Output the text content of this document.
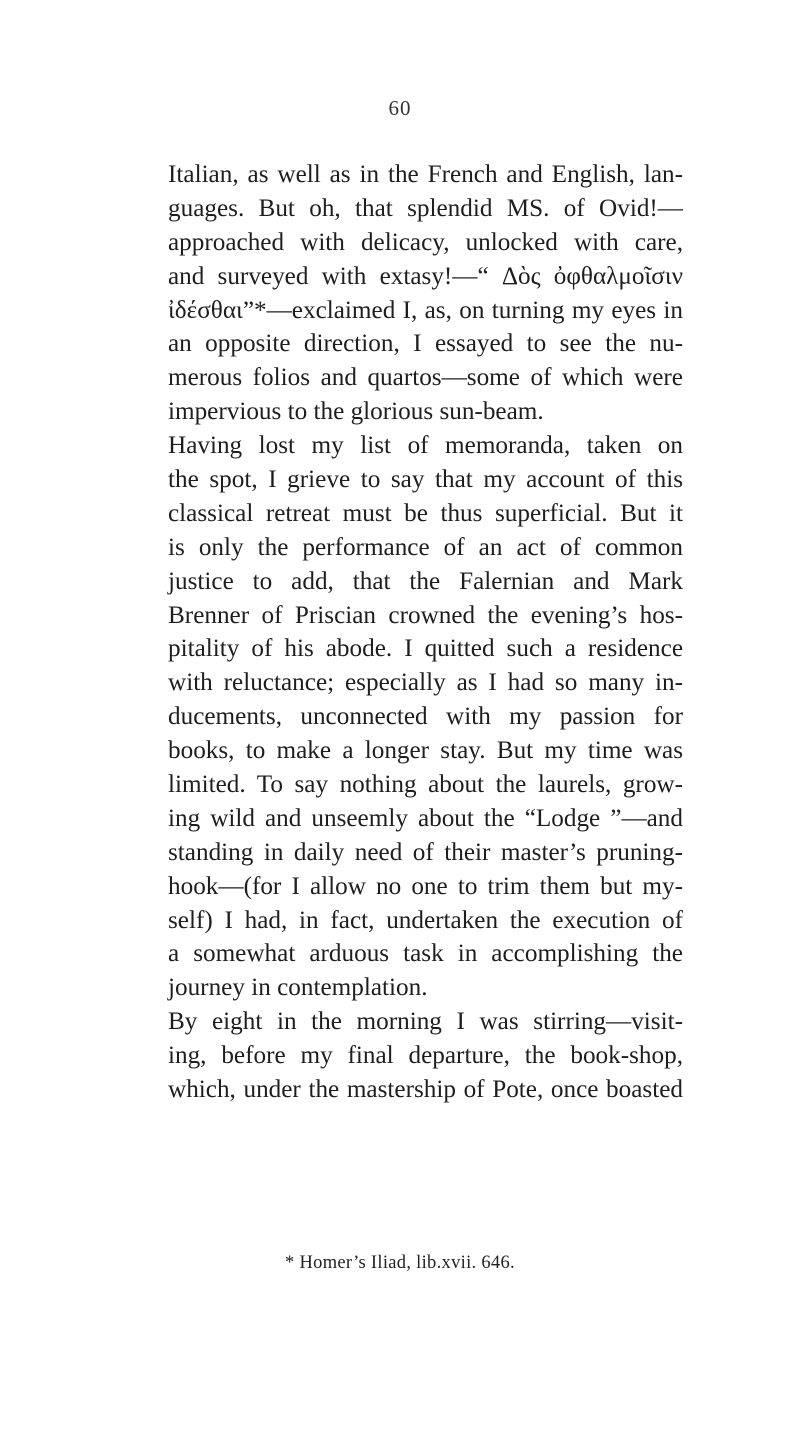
60
Italian, as well as in the French and English, lan-
guages. But oh, that splendid MS. of Ovid!—
approached with delicacy, unlocked with care,
and surveyed with extasy!—“ Δὸς ὀφθαλμοῖσιν
ἰδέσθαι”*—exclaimed I, as, on turning my eyes in
an opposite direction, I essayed to see the nu-
merous folios and quartos—some of which were
impervious to the glorious sun-beam.
Having lost my list of memoranda, taken on
the spot, I grieve to say that my account of this
classical retreat must be thus superficial. But it
is only the performance of an act of common
justice to add, that the Falernian and Mark
Brenner of Priscian crowned the evening’s hos-
pitality of his abode. I quitted such a residence
with reluctance; especially as I had so many in-
ducements, unconnected with my passion for
books, to make a longer stay. But my time was
limited. To say nothing about the laurels, grow-
ing wild and unseemly about the “Lodge ”—and
standing in daily need of their master’s pruning-
hook—(for I allow no one to trim them but my-
self) I had, in fact, undertaken the execution of
a somewhat arduous task in accomplishing the
journey in contemplation.
By eight in the morning I was stirring—visit-
ing, before my final departure, the book-shop,
which, under the mastership of Pote, once boasted
* Homer’s Iliad, lib.xvii. 646.
